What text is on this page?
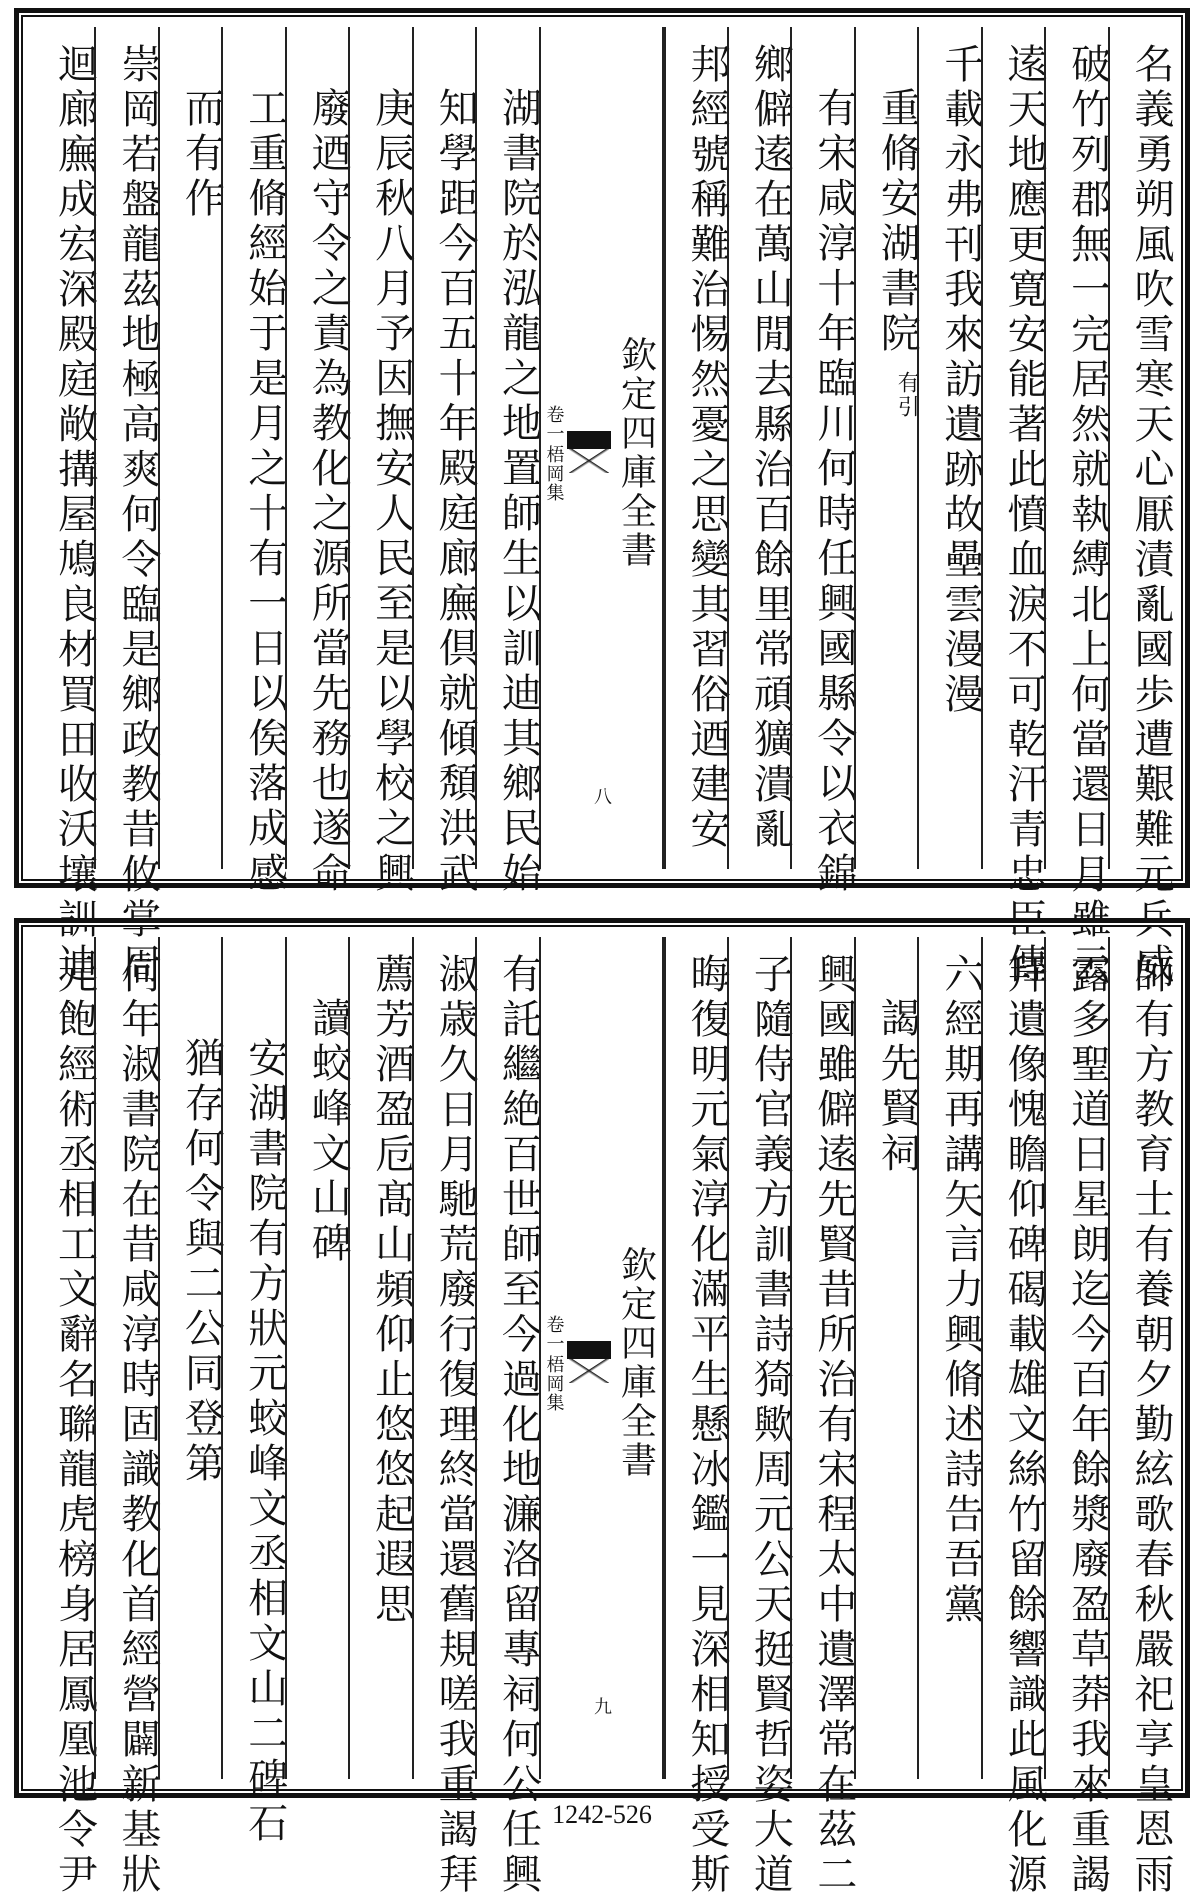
名義勇朔風吹雪寒天心厭漬亂國歩遭艱難元兵威
破竹列郡無一完居然就執縛北上何當還日月雖云
逺天地應更寛安能著此憤血淚不可乾汗青忠臣傳
千載永弗刊我來訪遺跡故壘雲漫漫
重脩安湖書院
有引
有宋咸淳十年臨川何時任興國縣令以衣錦
鄉僻逺在萬山閒去縣治百餘里常頑獷潰亂
邦經號稱難治惕然憂之思變其習俗迺建安
欽定四庫全書
梧岡集
卷一
八
湖書院於泓龍之地置師生以訓迪其鄉民始
知學距今百五十年殿庭廊廡倶就傾頽洪武
庚辰秋八月予因撫安人民至是以學校之興
廢迺守令之責為教化之源所當先務也遂命
工重脩經始于是月之十有一日以俟落成感
而有作
崇岡若盤龍茲地極高爽何令臨是鄉政教昔攸掌周
迴廊廡成宏深殿庭敞搆屋鳩良材買田收沃壤訓迪
師有方教育士有養朝夕勤絃歌春秋嚴祀享皇恩雨
露多聖道日星朗迄今百年餘漿廢盈草莽我來重謁
拜遺像愧瞻仰碑碣載雄文絲竹留餘響識此風化源
六經期再講矢言力興脩述詩告吾黨
謁先賢祠
興國雖僻逺先賢昔所治有宋程太中遺澤常在茲二
子隨侍官義方訓書詩猗歟周元公天挺賢哲姿大道
晦復明元氣淳化滿平生懸冰鑑一見深相知授受斯
欽定四庫全書
梧岡集
卷一
九
有託繼絶百世師至今過化地濂洛留專祠何公任興
淑歳久日月馳荒廢行復理終當還舊規嗟我重謁拜
薦芳酒盈卮髙山頻仰止悠悠起遐思
讀蛟峰文山碑
安湖書院有方狀元蛟峰文丞相文山二碑石
猶存何令與二公同登第
何年淑書院在昔咸淳時固識教化首經營闢新基狀
元飽經術丞相工文辭名聯龍虎榜身居鳳凰池令尹	1242-526
